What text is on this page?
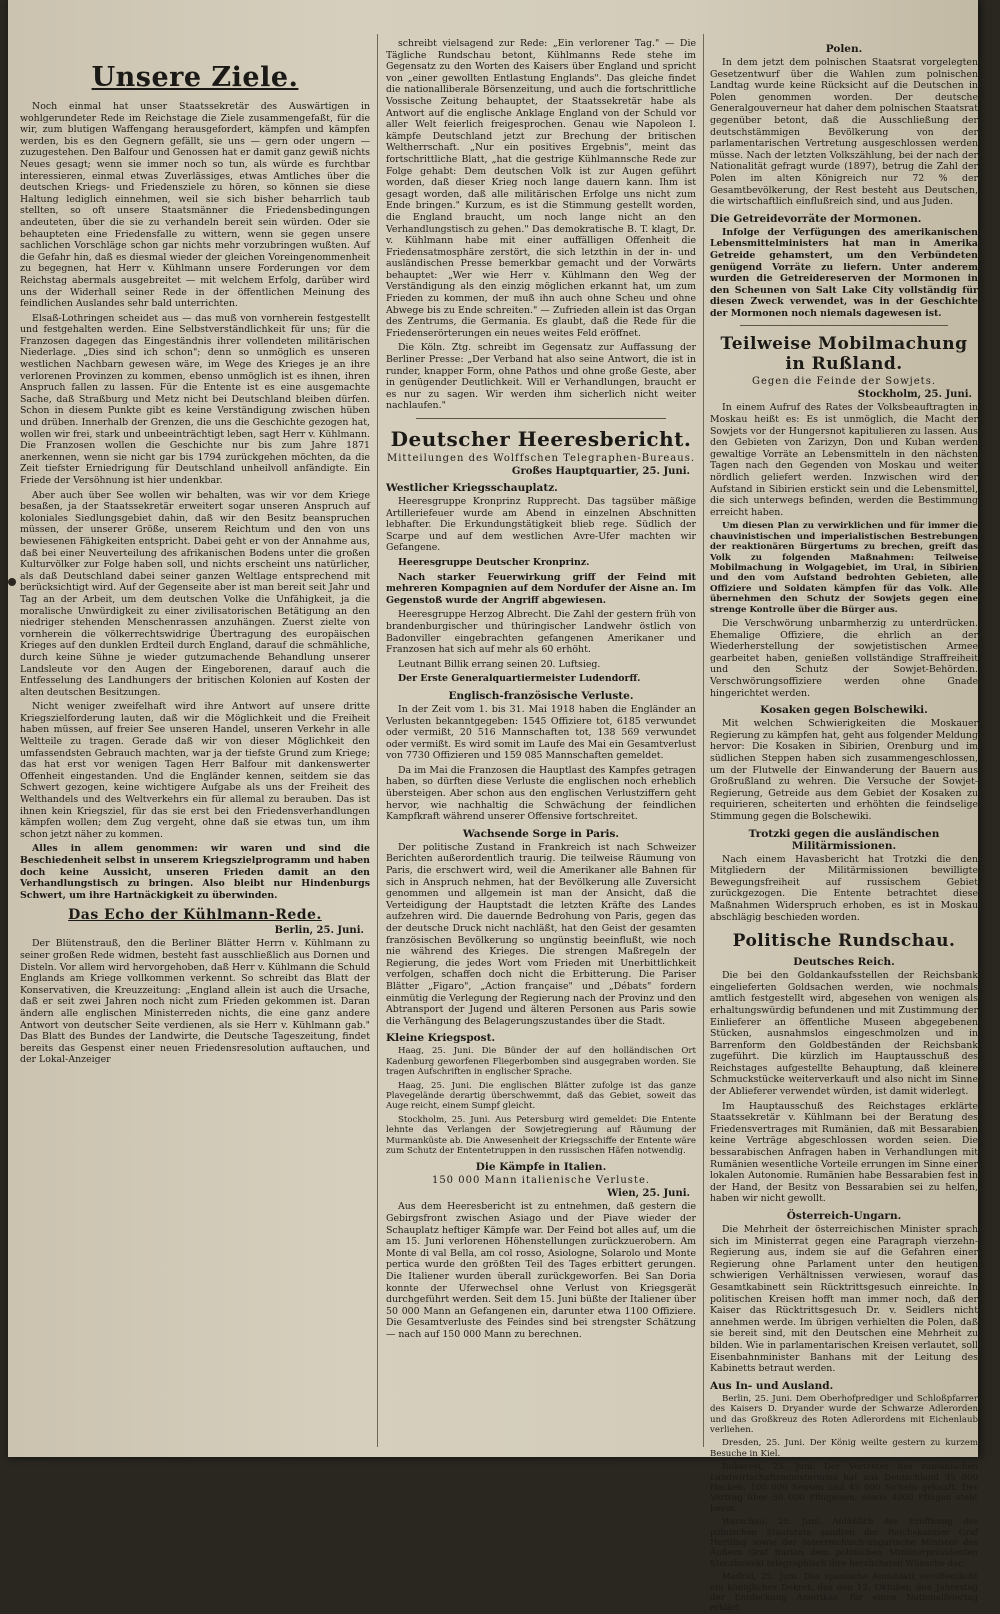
Unsere Ziele.

Noch einmal hat unser Staatssekretär des Auswärtigen in wohlgerundeter Rede im Reichstage die Ziele zusammengefaßt, für die wir, zum blutigen Waffengang herausgefordert, kämpfen und kämpfen werden, bis es den Gegnern gefällt, sie uns — gern oder ungern — zuzugestehen. Den Balfour und Genossen hat er damit ganz gewiß nichts Neues gesagt; wenn sie immer noch so tun, als würde es furchtbar interessieren, einmal etwas Zuverlässiges, etwas Amtliches über die deutschen Kriegs- und Friedensziele zu hören, so können sie diese Haltung lediglich einnehmen, weil sie sich bisher beharrlich taub stellten, so oft unsere Staatsmänner die Friedensbedingungen andeuteten, über die sie zu verhandeln bereit sein würden. Oder sie behaupteten eine Friedensfalle zu wittern, wenn sie gegen unsere sachlichen Vorschläge schon gar nichts mehr vorzubringen wußten. Auf die Gefahr hin, daß es diesmal wieder der gleichen Voreingenommenheit zu begegnen, hat Herr v. Kühlmann unsere Forderungen vor dem Reichstag abermals ausgebreitet — mit welchem Erfolg, darüber wird uns der Widerhall seiner Rede in der öffentlichen Meinung des feindlichen Auslandes sehr bald unterrichten.

Elsaß-Lothringen scheidet aus — das muß von vornherein festgestellt und festgehalten werden. Eine Selbstverständlichkeit für uns; für die Franzosen dagegen das Eingeständnis ihrer vollendeten militärischen Niederlage. „Dies sind ich schon"; denn so unmöglich es unseren westlichen Nachbarn gewesen wäre, im Wege des Krieges je an ihre verlorenen Provinzen zu kommen, ebenso unmöglich ist es ihnen, ihren Anspruch fallen zu lassen. Für die Entente ist es eine ausgemachte Sache, daß Straßburg und Metz nicht bei Deutschland bleiben dürfen. Schon in diesem Punkte gibt es keine Verständigung zwischen hüben und drüben. Innerhalb der Grenzen, die uns die Geschichte gezogen hat, wollen wir frei, stark und unbeeinträchtigt leben, sagt Herr v. Kühlmann. Die Franzosen wollen die Geschichte nur bis zum Jahre 1871 anerkennen, wenn sie nicht gar bis 1794 zurückgehen möchten, da die Zeit tiefster Erniedrigung für Deutschland unheilvoll anfändigte. Ein Friede der Versöhnung ist hier undenkbar.

Aber auch über See wollen wir behalten, was wir vor dem Kriege besaßen, ja der Staatssekretär erweitert sogar unseren Anspruch auf koloniales Siedlungsgebiet dahin, daß wir den Besitz beanspruchen müssen, der unserer Größe, unserem Reichtum und den von uns bewiesenen Fähigkeiten entspricht. Dabei geht er von der Annahme aus, daß bei einer Neuverteilung des afrikanischen Bodens unter die großen Kulturvölker zur Folge haben soll, und nichts erscheint uns natürlicher, als daß Deutschland dabei seiner ganzen Weltlage entsprechend mit berücksichtigt wird. Auf der Gegenseite aber ist man bereit seit Jahr und Tag an der Arbeit, um dem deutschen Volke die Unfähigkeit, ja die moralische Unwürdigkeit zu einer zivilisatorischen Betätigung an den niedriger stehenden Menschenrassen anzuhängen. Zuerst zielte von vornherein die völkerrechtswidrige Übertragung des europäischen Krieges auf den dunklen Erdteil durch England, darauf die schmähliche, durch keine Sühne je wieder gutzumachende Behandlung unserer Landsleute vor den Augen der Eingeborenen, darauf auch die Entfesselung des Landhungers der britischen Kolonien auf Kosten der alten deutschen Besitzungen.

Nicht weniger zweifelhaft wird ihre Antwort auf unsere dritte Kriegszielforderung lauten, daß wir die Möglichkeit und die Freiheit haben müssen, auf freier See unseren Handel, unseren Verkehr in alle Weltteile zu tragen. Gerade daß wir von dieser Möglichkeit den umfassendsten Gebrauch machten, war ja der tiefste Grund zum Kriege; das hat erst vor wenigen Tagen Herr Balfour mit dankenswerter Offenheit eingestanden. Und die Engländer kennen, seitdem sie das Schwert gezogen, keine wichtigere Aufgabe als uns der Freiheit des Welthandels und des Weltverkehrs ein für allemal zu berauben. Das ist ihnen kein Kriegsziel, für das sie erst bei den Friedensverhandlungen kämpfen wollen; dem Zug vergeht, ohne daß sie etwas tun, um ihm schon jetzt näher zu kommen.

Alles in allem genommen: wir waren und sind die Beschiedenheit selbst in unserem Kriegszielprogramm und haben doch keine Aussicht, unseren Frieden damit an den Verhandlungstisch zu bringen. Also bleibt nur Hindenburgs Schwert, um ihre Hartnäckigkeit zu überwinden.

Das Echo der Kühlmann-Rede.
Berlin, 25. Juni.

Der Blütenstrauß, den die Berliner Blätter Herrn v. Kühlmann zu seiner großen Rede widmen, besteht fast ausschließlich aus Dornen und Disteln. Vor allem wird hervorgehoben, daß Herr v. Kühlmann die Schuld Englands am Kriege vollkommen verkennt. So schreibt das Blatt der Konservativen, die Kreuzzeitung: „England allein ist auch die Ursache, daß er seit zwei Jahren noch nicht zum Frieden gekommen ist. Daran ändern alle englischen Ministerreden nichts, die eine ganz andere Antwort von deutscher Seite verdienen, als sie Herr v. Kühlmann gab." Das Blatt des Bundes der Landwirte, die Deutsche Tageszeitung, findet bereits das Gespenst einer neuen Friedensresolution auftauchen, und der Lokal-Anzeiger

schreibt vielsagend zur Rede: „Ein verlorener Tag." — Die Tägliche Rundschau betont, Kühlmanns Rede stehe im Gegensatz zu den Worten des Kaisers über England und spricht von „einer gewollten Entlastung Englands". Das gleiche findet die nationalliberale Börsenzeitung, und auch die fortschrittliche Vossische Zeitung behauptet, der Staatssekretär habe als Antwort auf die englische Anklage England von der Schuld vor aller Welt feierlich freigesprochen. Genau wie Napoleon I. kämpfe Deutschland jetzt zur Brechung der britischen Weltherrschaft. „Nur ein positives Ergebnis", meint das fortschrittliche Blatt, „hat die gestrige Kühlmannsche Rede zur Folge gehabt: Dem deutschen Volk ist zur Augen geführt worden, daß dieser Krieg noch lange dauern kann. Ihm ist gesagt worden, daß alle militärischen Erfolge uns nicht zum Ende bringen." Kurzum, es ist die Stimmung gestellt worden, die England braucht, um noch lange nicht an den Verhandlungstisch zu gehen." Das demokratische B. T. klagt, Dr. v. Kühlmann habe mit einer auffälligen Offenheit die Friedensatmosphäre zerstört, die sich letzthin in der in- und ausländischen Presse bemerkbar gemacht und der Vorwärts behauptet: „Wer wie Herr v. Kühlmann den Weg der Verständigung als den einzig möglichen erkannt hat, um zum Frieden zu kommen, der muß ihn auch ohne Scheu und ohne Abwege bis zu Ende schreiten." — Zufrieden allein ist das Organ des Zentrums, die Germania. Es glaubt, daß die Rede für die Friedenserörterungen ein neues weites Feld eröffnet.

Die Köln. Ztg. schreibt im Gegensatz zur Auffassung der Berliner Presse: „Der Verband hat also seine Antwort, die ist in runder, knapper Form, ohne Pathos und ohne große Geste, aber in genügender Deutlichkeit. Will er Verhandlungen, braucht er es nur zu sagen. Wir werden ihm sicherlich nicht weiter nachlaufen."

Deutscher Heeresbericht.
Mitteilungen des Wolffschen Telegraphen-Bureaus.
Großes Hauptquartier, 25. Juni.
Westlicher Kriegsschauplatz.

Heeresgruppe Kronprinz Rupprecht. Das tagsüber mäßige Artilleriefeuer wurde am Abend in einzelnen Abschnitten lebhafter. Die Erkundungstätigkeit blieb rege. Südlich der Scarpe und auf dem westlichen Avre-Ufer machten wir Gefangene.

Heeresgruppe Deutscher Kronprinz.

Nach starker Feuerwirkung griff der Feind mit mehreren Kompagnien auf dem Nordufer der Aisne an. Im Gegenstoß wurde der Angriff abgewiesen.

Heeresgruppe Herzog Albrecht. Die Zahl der gestern früh von brandenburgischer und thüringischer Landwehr östlich von Badonviller eingebrachten gefangenen Amerikaner und Franzosen hat sich auf mehr als 60 erhöht.

Leutnant Billik errang seinen 20. Luftsieg.

Der Erste Generalquartiermeister Ludendorff.

Englisch-französische Verluste.

In der Zeit vom 1. bis 31. Mai 1918 haben die Engländer an Verlusten bekanntgegeben: 1545 Offiziere tot, 6185 verwundet oder vermißt, 20 516 Mannschaften tot, 138 569 verwundet oder vermißt. Es wird somit im Laufe des Mai ein Gesamtverlust von 7730 Offizieren und 159 085 Mannschaften gemeldet.

Da im Mai die Franzosen die Hauptlast des Kampfes getragen haben, so dürften diese Verluste die englischen noch erheblich übersteigen. Aber schon aus den englischen Verlustziffern geht hervor, wie nachhaltig die Schwächung der feindlichen Kampfkraft während unserer Offensive fortschreitet.

Wachsende Sorge in Paris.

Der politische Zustand in Frankreich ist nach Schweizer Berichten außerordentlich traurig. Die teilweise Räumung von Paris, die erschwert wird, weil die Amerikaner alle Bahnen für sich in Anspruch nehmen, hat der Bevölkerung alle Zuversicht genommen und allgemein ist man der Ansicht, daß die Verteidigung der Hauptstadt die letzten Kräfte des Landes aufzehren wird. Die dauernde Bedrohung von Paris, gegen das der deutsche Druck nicht nachläßt, hat den Geist der gesamten französischen Bevölkerung so ungünstig beeinflußt, wie noch nie während des Krieges. Die strengen Maßregeln der Regierung, die jedes Wort vom Frieden mit Unerbittlichkeit verfolgen, schaffen doch nicht die Erbitterung. Die Pariser Blätter „Figaro", „Action française" und „Débats" fordern einmütig die Verlegung der Regierung nach der Provinz und den Abtransport der Jugend und älteren Personen aus Paris sowie die Verhängung des Belagerungszustandes über die Stadt.

Kleine Kriegspost.

Haag, 25. Juni. Die Bünder der auf den holländischen Ort Kadenburg geworfenen Fliegerbomben sind ausgegraben worden. Sie tragen Aufschriften in englischer Sprache.

Haag, 25. Juni. Die englischen Blätter zufolge ist das ganze Plavegelände derartig überschwemmt, daß das Gebiet, soweit das Auge reicht, einem Sumpf gleicht.

Stockholm, 25. Juni. Aus Petersburg wird gemeldet: Die Entente lehnte das Verlangen der Sowjetregierung auf Räumung der Murmanküste ab. Die Anwesenheit der Kriegsschiffe der Entente wäre zum Schutz der Ententetruppen in den russischen Häfen notwendig.

Die Kämpfe in Italien.
150 000 Mann italienische Verluste.
Wien, 25. Juni.

Aus dem Heeresbericht ist zu entnehmen, daß gestern die Gebirgsfront zwischen Asiago und der Piave wieder der Schauplatz heftiger Kämpfe war. Der Feind bot alles auf, um die am 15. Juni verlorenen Höhenstellungen zurückzuerobern. Am Monte di val Bella, am col rosso, Asiologne, Solarolo und Monte pertica wurde den größten Teil des Tages erbittert gerungen. Die Italiener wurden überall zurückgeworfen. Bei San Doria konnte der Uferwechsel ohne Verlust von Kriegsgerät durchgeführt werden. Seit dem 15. Juni büßte der Italiener über 50 000 Mann an Gefangenen ein, darunter etwa 1100 Offiziere. Die Gesamtverluste des Feindes sind bei strengster Schätzung — nach auf 150 000 Mann zu berechnen.

Polen.

In dem jetzt dem polnischen Staatsrat vorgelegten Gesetzentwurf über die Wahlen zum polnischen Landtag wurde keine Rücksicht auf die Deutschen in Polen genommen worden. Der deutsche Generalgouverneur hat daher dem polnischen Staatsrat gegenüber betont, daß die Ausschließung der deutschstämmigen Bevölkerung von der parlamentarischen Vertretung ausgeschlossen werden müsse. Nach der letzten Volkszählung, bei der nach der Nationalität gefragt wurde (1897), betrug die Zahl der Polen im alten Königreich nur 72 % der Gesamtbevölkerung, der Rest besteht aus Deutschen, die wirtschaftlich einflußreich sind, und aus Juden.

Die Getreidevorräte der Mormonen.

Infolge der Verfügungen des amerikanischen Lebensmittelministers hat man in Amerika Getreide gehamstert, um den Verbündeten genügend Vorräte zu liefern. Unter anderem wurden die Getreidereserven der Mormonen in den Scheunen von Salt Lake City vollständig für diesen Zweck verwendet, was in der Geschichte der Mormonen noch niemals dagewesen ist.

Teilweise Mobilmachung in Rußland.
Gegen die Feinde der Sowjets.
Stockholm, 25. Juni.

In einem Aufruf des Rates der Volksbeauftragten in Moskau heißt es: Es ist unmöglich, die Macht der Sowjets vor der Hungersnot kapitulieren zu lassen. Aus den Gebieten von Zarizyn, Don und Kuban werden gewaltige Vorräte an Lebensmitteln in den nächsten Tagen nach den Gegenden von Moskau und weiter nördlich geliefert werden. Inzwischen wird der Aufstand in Sibirien erstickt sein und die Lebensmittel, die sich unterwegs befinden, werden die Bestimmung erreicht haben.

Um diesen Plan zu verwirklichen und für immer die chauvinistischen und imperialistischen Bestrebungen der reaktionären Bürgertums zu brechen, greift das Volk zu folgenden Maßnahmen: Teilweise Mobilmachung in Wolgagebiet, im Ural, in Sibirien und den vom Aufstand bedrohten Gebieten, alle Offiziere und Soldaten kämpfen für das Volk. Alle übernehmen den Schutz der Sowjets gegen eine strenge Kontrolle über die Bürger aus.

Die Verschwörung unbarmherzig zu unterdrücken. Ehemalige Offiziere, die ehrlich an der Wiederherstellung der sowjetistischen Armee gearbeitet haben, genießen vollständige Straffreiheit und den Schutz der Sowjet-Behörden. Verschwörungsoffiziere werden ohne Gnade hingerichtet werden.

Kosaken gegen Bolschewiki.

Mit welchen Schwierigkeiten die Moskauer Regierung zu kämpfen hat, geht aus folgender Meldung hervor: Die Kosaken in Sibirien, Orenburg und im südlichen Steppen haben sich zusammengeschlossen, um der Flutwelle der Einwanderung der Bauern aus Großrußland zu wehren. Die Versuche der Sowjet-Regierung, Getreide aus dem Gebiet der Kosaken zu requirieren, scheiterten und erhöhten die feindselige Stimmung gegen die Bolschewiki.

Trotzki gegen die ausländischen Militärmissionen.

Nach einem Havasbericht hat Trotzki die den Mitgliedern der Militärmissionen bewilligte Bewegungsfreiheit auf russischem Gebiet zurückgezogen. Die Entente betrachtet diese Maßnahmen Widerspruch erhoben, es ist in Moskau abschlägig beschieden worden.

Politische Rundschau.
Deutsches Reich.

Die bei den Goldankaufsstellen der Reichsbank eingelieferten Goldsachen werden, wie nochmals amtlich festgestellt wird, abgesehen von wenigen als erhaltungswürdig befundenen und mit Zustimmung der Einlieferer an öffentliche Museen abgegebenen Stücken, ausnahmslos eingeschmolzen und in Barrenform den Goldbeständen der Reichsbank zugeführt. Die kürzlich im Hauptausschuß des Reichstages aufgestellte Behauptung, daß kleinere Schmuckstücke weiterverkauft und also nicht im Sinne der Ablieferer verwendet würden, ist damit widerlegt.

Im Hauptausschuß des Reichstages erklärte Staatssekretär v. Kühlmann bei der Beratung des Friedensvertrages mit Rumänien, daß mit Bessarabien keine Verträge abgeschlossen worden seien. Die bessarabischen Anfragen haben in Verhandlungen mit Rumänien wesentliche Vorteile errungen im Sinne einer lokalen Autonomie. Rumänien habe Bessarabien fest in der Hand, der Besitz von Bessarabien sei zu helfen, haben wir nicht gewollt.

Österreich-Ungarn.

Die Mehrheit der österreichischen Minister sprach sich im Ministerrat gegen eine Paragraph vierzehn-Regierung aus, indem sie auf die Gefahren einer Regierung ohne Parlament unter den heutigen schwierigen Verhältnissen verwiesen, worauf das Gesamtkabinett sein Rücktrittsgesuch einreichte. In politischen Kreisen hofft man immer noch, daß der Kaiser das Rücktrittsgesuch Dr. v. Seidlers nicht annehmen werde. Im übrigen verhielten die Polen, daß sie bereit sind, mit den Deutschen eine Mehrheit zu bilden. Wie in parlamentarischen Kreisen verlautet, soll Eisenbahnminister Banhans mit der Leitung des Kabinetts betraut werden.

Aus In- und Ausland.

Berlin, 25. Juni. Dem Oberhofprediger und Schloßpfarrer des Kaisers D. Dryander wurde der Schwarze Adlerorden und das Großkreuz des Roten Adlerordens mit Eichenlaub verliehen.

Dresden, 25. Juni. Der König weilte gestern zu kurzem Besuche in Kiel.

Bukarest, 25. Juni. Der Vertreter des rumänischen Landwirtschaftsministeriums hat aus Deutschland 35 000 Hacken, 100 000 Sensen und 45 000 Sicheln gekauft. Der Vertrag über 50 000 Pflugeisen, sowie 4000 Pflügen steht bevor.

Warschau, 25. Juni. Anläßlich der Eröffnung des polnischen Staatsrats sandten der Reichskanzler Graf Hertling sowie der österreichisch-ungarische Minister des Äußern Graf Burian dem polnischen Ministerpräsidenten Steczkowski telegraphisch ihre herzlichsten Wünsche dar.

Madrid, 25. Juni. Das spanische Amtsblatt veröffentlicht ein königliches Dekret, das den 12. Oktober, den Jahrestag der Entdeckung Amerikas, für einen Nationalfeiertag erklärt.
